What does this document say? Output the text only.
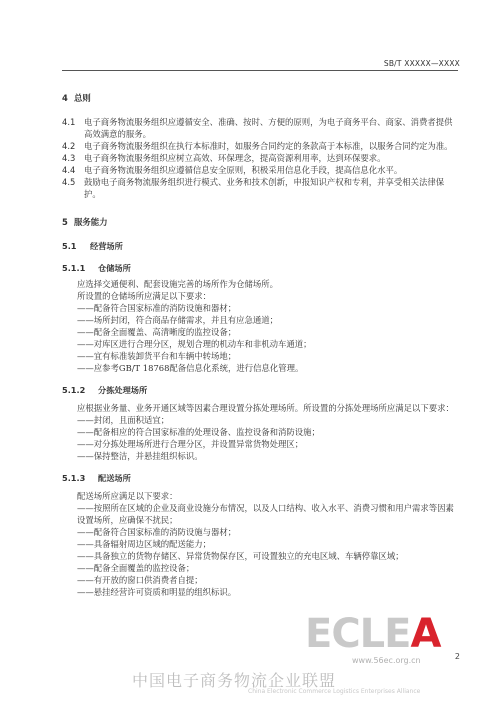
SB/T XXXXX—XXXX

4 总则

4.1	电子商务物流服务组织应遵循安全、准确、按时、方便的原则，为电子商务平台、商家、消费者提供高效满意的服务。
4.2	电子商务物流服务组织在执行本标准时，如服务合同约定的条款高于本标准，以服务合同约定为准。
4.3	电子商务物流服务组织应树立高效、环保理念，提高资源利用率，达到环保要求。
4.4	电子商务物流服务组织应遵循信息安全原则，积极采用信息化手段，提高信息化水平。
4.5	鼓励电子商务物流服务组织进行模式、业务和技术创新，申报知识产权和专利，并享受相关法律保护。

5 服务能力

5.1 经营场所

5.1.1 仓储场所

应选择交通便利、配套设施完善的场所作为仓储场所。

所设置的仓储场所应满足以下要求：

——配备符合国家标准的消防设施和器材；

——场所封闭，符合商品存储需求，并且有应急通道；

——配备全面覆盖、高清晰度的监控设备；

——对库区进行合理分区，规划合理的机动车和非机动车通道；

——宜有标准装卸货平台和车辆中转场地；

——应参考GB/T 18768配备信息化系统，进行信息化管理。

5.1.2 分拣处理场所

应根据业务量、业务开通区域等因素合理设置分拣处理场所。所设置的分拣处理场所应满足以下要求：

——封闭，且面积适宜；

——配备相应的符合国家标准的处理设备、监控设备和消防设施；

——对分拣处理场所进行合理分区，并设置异常货物处理区；

——保持整洁，并悬挂组织标识。

5.1.3 配送场所

配送场所应满足以下要求：

——按照所在区域的企业及商业设施分布情况，以及人口结构、收入水平、消费习惯和用户需求等因素设置场所，应确保不扰民；

——配备符合国家标准的消防设施与器材；

——具备辐射周边区域的配送能力；

——具备独立的货物存储区、异常货物保存区，可设置独立的充电区域、车辆停靠区域；

——配备全面覆盖的监控设备；

——有开放的窗口供消费者自提；

——悬挂经营许可资质和明显的组织标识。

2
ECLEA
www.56ec.org.cn
中国电子商务物流企业联盟
China Electronic Commerce Logistics Enterprises Alliance
